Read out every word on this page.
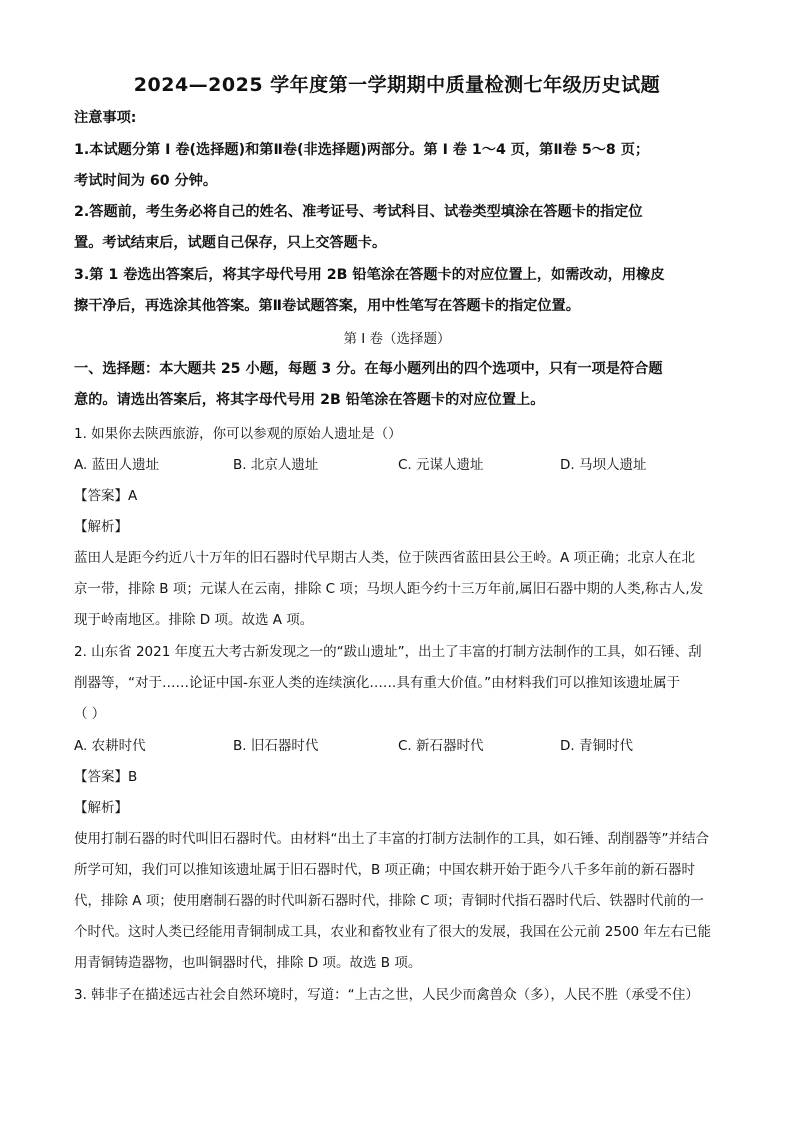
2024—2025 学年度第一学期期中质量检测七年级历史试题
注意事项:
1.本试题分第 I 卷(选择题)和第Ⅱ卷(非选择题)两部分。第 I 卷 1～4 页，第Ⅱ卷 5～8 页；
考试时间为 60 分钟。
2.答题前，考生务必将自己的姓名、准考证号、考试科目、试卷类型填涂在答题卡的指定位
置。考试结束后，试题自己保存，只上交答题卡。
3.第 1 卷选出答案后，将其字母代号用 2B 铅笔涂在答题卡的对应位置上，如需改动，用橡皮
擦干净后，再选涂其他答案。第Ⅱ卷试题答案，用中性笔写在答题卡的指定位置。
第 I 卷（选择题）
一、选择题：本大题共 25 小题，每题 3 分。在每小题列出的四个选项中，只有一项是符合题
意的。请选出答案后，将其字母代号用 2B 铅笔涂在答题卡的对应位置上。
1. 如果你去陕西旅游，你可以参观的原始人遗址是（）
A. 蓝田人遗址	B. 北京人遗址	C. 元谋人遗址	D. 马坝人遗址
【答案】A
【解析】
蓝田人是距今约近八十万年的旧石器时代早期古人类，位于陕西省蓝田县公王岭。A 项正确；北京人在北
京一带，排除 B 项；元谋人在云南，排除 C 项；马坝人距今约十三万年前,属旧石器中期的人类,称古人,发
现于岭南地区。排除 D 项。故选 A 项。
2. 山东省 2021 年度五大考古新发现之一的“跋山遗址”，出土了丰富的打制方法制作的工具，如石锤、刮
削器等，“对于……论证中国-东亚人类的连续演化……具有重大价值。”由材料我们可以推知该遗址属于
（ ）
A. 农耕时代	B. 旧石器时代	C. 新石器时代	D. 青铜时代
【答案】B
【解析】
使用打制石器的时代叫旧石器时代。由材料“出土了丰富的打制方法制作的工具，如石锤、刮削器等”并结合
所学可知，我们可以推知该遗址属于旧石器时代，B 项正确；中国农耕开始于距今八千多年前的新石器时
代，排除 A 项；使用磨制石器的时代叫新石器时代，排除 C 项；青铜时代指石器时代后、铁器时代前的一
个时代。这时人类已经能用青铜制成工具，农业和畜牧业有了很大的发展，我国在公元前 2500 年左右已能
用青铜铸造器物，也叫铜器时代，排除 D 项。故选 B 项。
3. 韩非子在描述远古社会自然环境时，写道：“上古之世，人民少而禽兽众（多），人民不胜（承受不住）
